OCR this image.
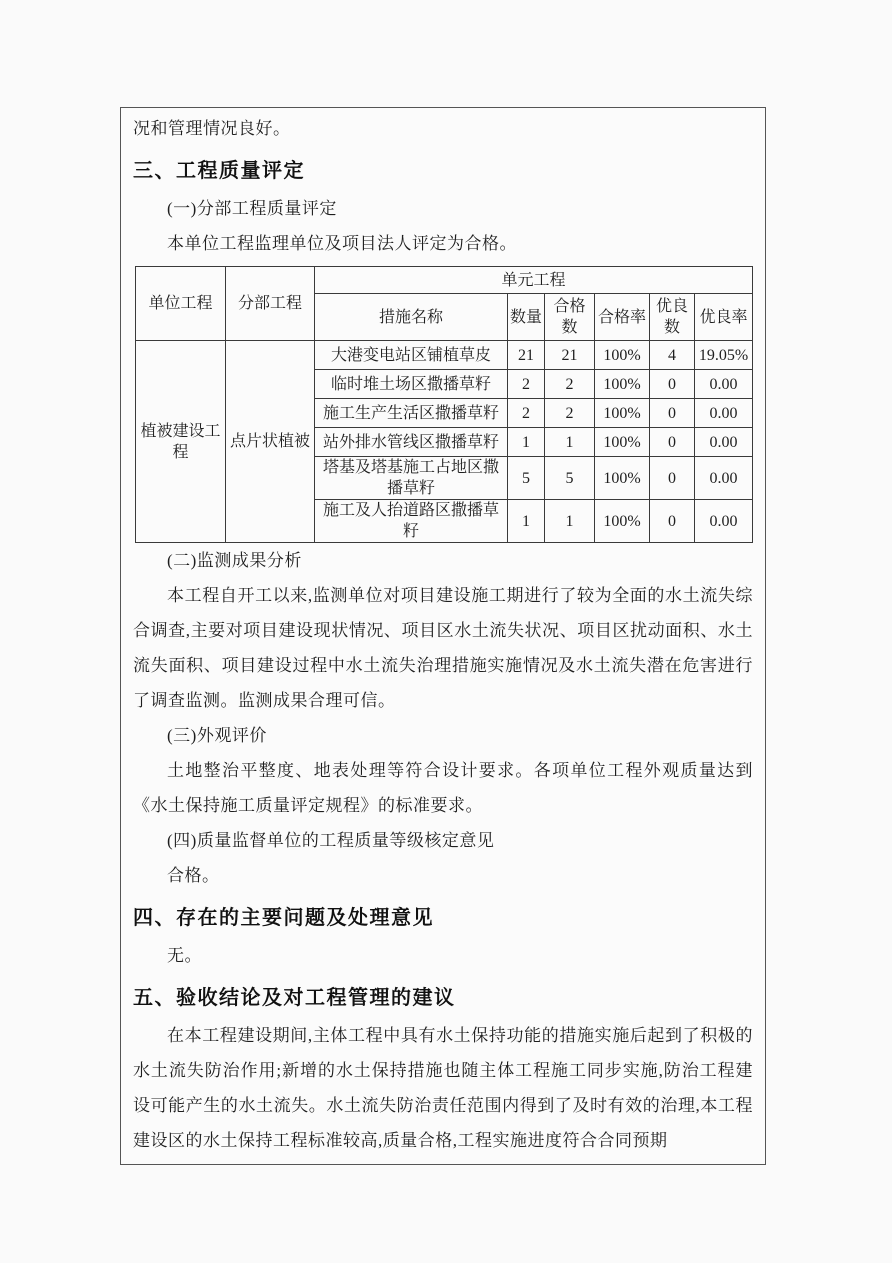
况和管理情况良好。

三、工程质量评定

(一)分部工程质量评定

本单位工程监理单位及项目法人评定为合格。

单位工程	分部工程	单元工程					
		措施名称	数量	合格数	合格率	优良数	优良率
植被建设工程	点片状植被	大港变电站区铺植草皮	21	21	100%	4	19.05%
		临时堆土场区撒播草籽	2	2	100%	0	0.00
		施工生产生活区撒播草籽	2	2	100%	0	0.00
		站外排水管线区撒播草籽	1	1	100%	0	0.00
		塔基及塔基施工占地区撒播草籽	5	5	100%	0	0.00
		施工及人抬道路区撒播草籽	1	1	100%	0	0.00

(二)监测成果分析

本工程自开工以来,监测单位对项目建设施工期进行了较为全面的水土流失综合调查,主要对项目建设现状情况、项目区水土流失状况、项目区扰动面积、水土流失面积、项目建设过程中水土流失治理措施实施情况及水土流失潜在危害进行了调查监测。监测成果合理可信。

(三)外观评价

土地整治平整度、地表处理等符合设计要求。各项单位工程外观质量达到《水土保持施工质量评定规程》的标准要求。

(四)质量监督单位的工程质量等级核定意见

合格。

四、存在的主要问题及处理意见

无。

五、验收结论及对工程管理的建议

在本工程建设期间,主体工程中具有水土保持功能的措施实施后起到了积极的水土流失防治作用;新增的水土保持措施也随主体工程施工同步实施,防治工程建设可能产生的水土流失。水土流失防治责任范围内得到了及时有效的治理,本工程建设区的水土保持工程标准较高,质量合格,工程实施进度符合合同预期
